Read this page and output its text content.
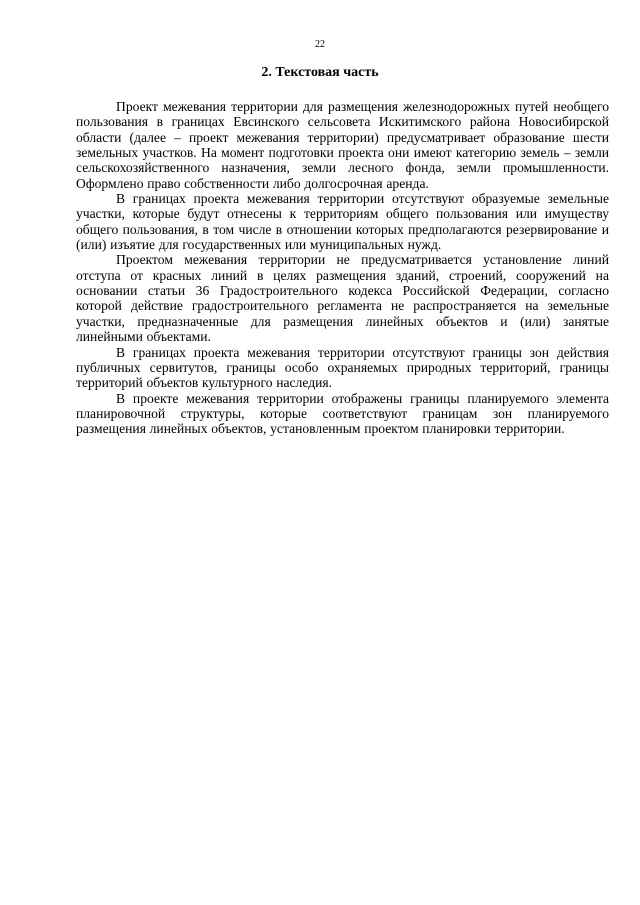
22
2. Текстовая часть

Проект межевания территории для размещения железнодорожных путей необщего пользования в границах Евсинского сельсовета Искитимского района Новосибирской области (далее – проект межевания территории) предусматривает образование шести земельных участков. На момент подготовки проекта они имеют категорию земель – земли сельскохозяйственного назначения, земли лесного фонда, земли промышленности. Оформлено право собственности либо долгосрочная аренда.

В границах проекта межевания территории отсутствуют образуемые земельные участки, которые будут отнесены к территориям общего пользования или имуществу общего пользования, в том числе в отношении которых предполагаются резервирование и (или) изъятие для государственных или муниципальных нужд.

Проектом межевания территории не предусматривается установление линий отступа от красных линий в целях размещения зданий, строений, сооружений на основании статьи 36 Градостроительного кодекса Российской Федерации, согласно которой действие градостроительного регламента не распространяется на земельные участки, предназначенные для размещения линейных объектов и (или) занятые линейными объектами.

В границах проекта межевания территории отсутствуют границы зон действия публичных сервитутов, границы особо охраняемых природных территорий, границы территорий объектов культурного наследия.

В проекте межевания территории отображены границы планируемого элемента планировочной структуры, которые соответствуют границам зон планируемого размещения линейных объектов, установленным проектом планировки территории.
